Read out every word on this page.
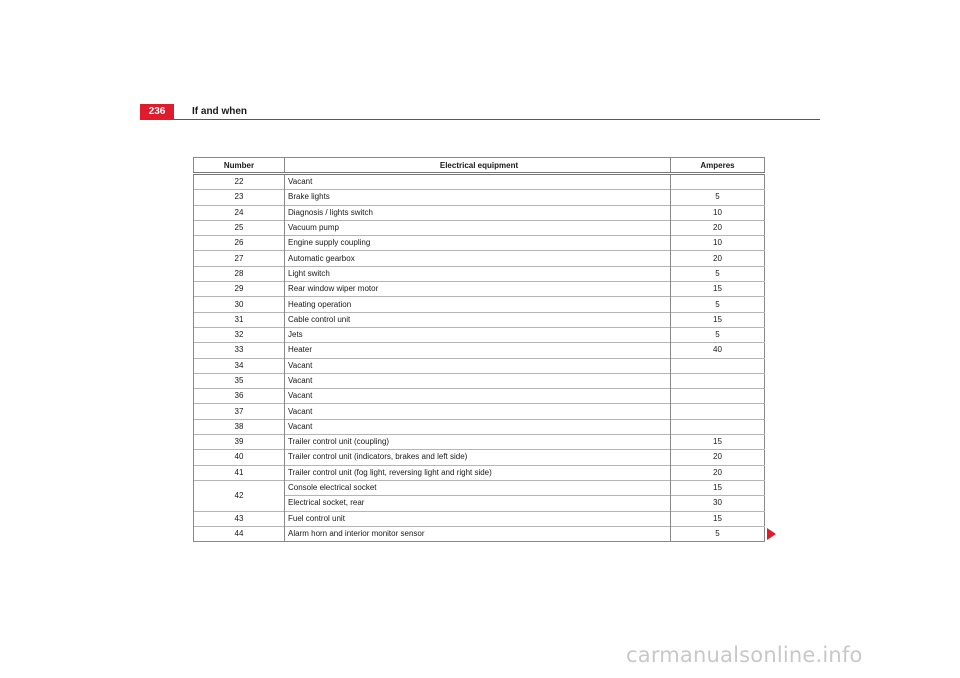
236	If and when
Number	Electrical equipment	Amperes
22	Vacant	
23	Brake lights	5
24	Diagnosis / lights switch	10
25	Vacuum pump	20
26	Engine supply coupling	10
27	Automatic gearbox	20
28	Light switch	5
29	Rear window wiper motor	15
30	Heating operation	5
31	Cable control unit	15
32	Jets	5
33	Heater	40
34	Vacant	
35	Vacant	
36	Vacant	
37	Vacant	
38	Vacant	
39	Trailer control unit (coupling)	15
40	Trailer control unit (indicators, brakes and left side)	20
41	Trailer control unit (fog light, reversing light and right side)	20
42	Console electrical socket	15
	Electrical socket, rear	30
43	Fuel control unit	15
44	Alarm horn and interior monitor sensor	5
carmanualsonline.info
